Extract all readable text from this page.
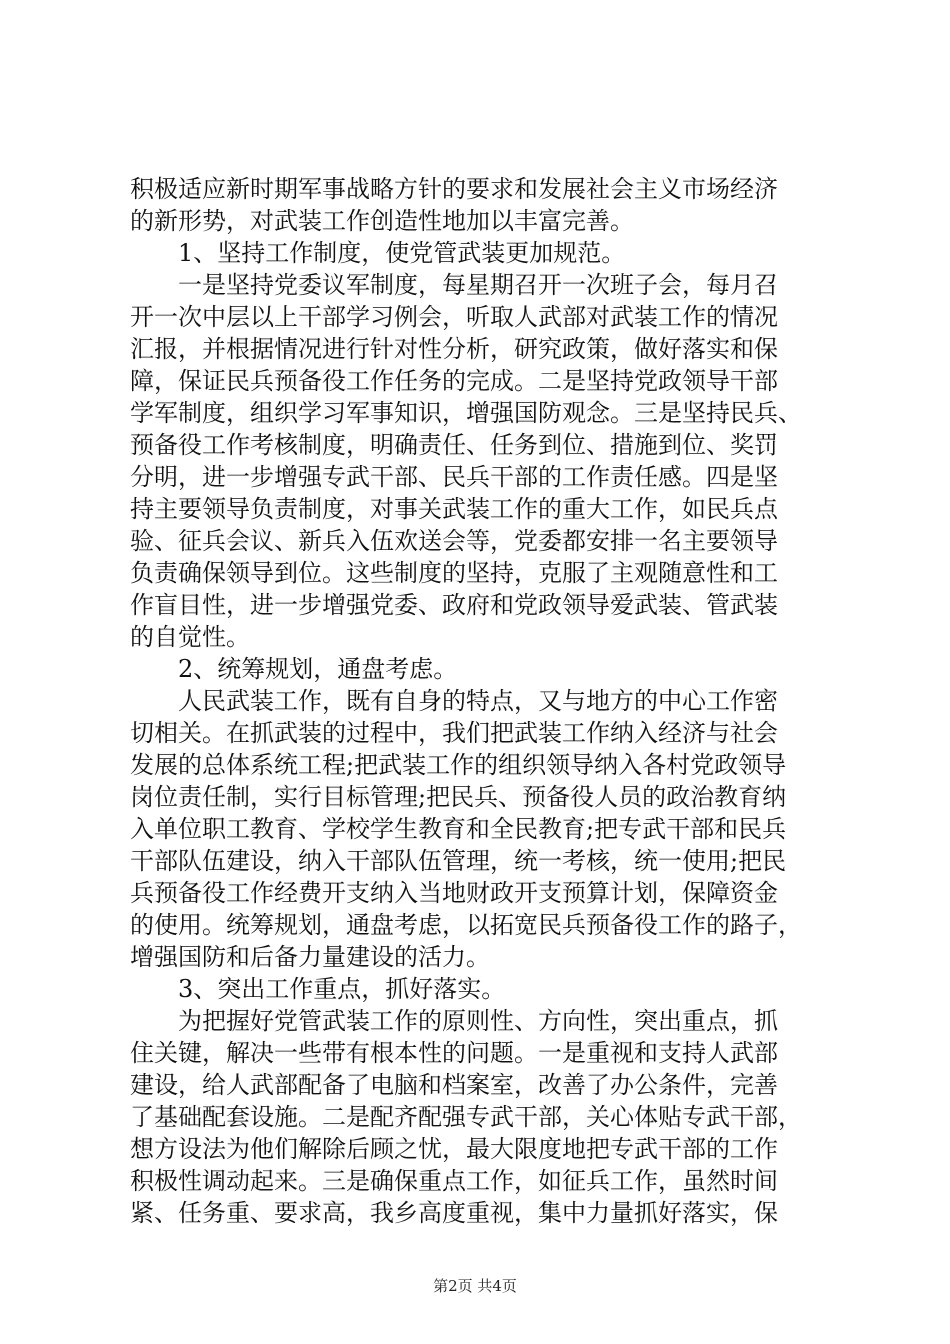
积极适应新时期军事战略方针的要求和发展社会主义市场经济
的新形势，对武装工作创造性地加以丰富完善。
　　1、坚持工作制度，使党管武装更加规范。
　　一是坚持党委议军制度，每星期召开一次班子会，每月召
开一次中层以上干部学习例会，听取人武部对武装工作的情况
汇报，并根据情况进行针对性分析，研究政策，做好落实和保
障，保证民兵预备役工作任务的完成。二是坚持党政领导干部
学军制度，组织学习军事知识，增强国防观念。三是坚持民兵、
预备役工作考核制度，明确责任、任务到位、措施到位、奖罚
分明，进一步增强专武干部、民兵干部的工作责任感。四是坚
持主要领导负责制度，对事关武装工作的重大工作，如民兵点
验、征兵会议、新兵入伍欢送会等，党委都安排一名主要领导
负责确保领导到位。这些制度的坚持，克服了主观随意性和工
作盲目性，进一步增强党委、政府和党政领导爱武装、管武装
的自觉性。
　　2、统筹规划，通盘考虑。
　　人民武装工作，既有自身的特点，又与地方的中心工作密
切相关。在抓武装的过程中，我们把武装工作纳入经济与社会
发展的总体系统工程;把武装工作的组织领导纳入各村党政领导
岗位责任制，实行目标管理;把民兵、预备役人员的政治教育纳
入单位职工教育、学校学生教育和全民教育;把专武干部和民兵
干部队伍建设，纳入干部队伍管理，统一考核，统一使用;把民
兵预备役工作经费开支纳入当地财政开支预算计划，保障资金
的使用。统筹规划，通盘考虑，以拓宽民兵预备役工作的路子，
增强国防和后备力量建设的活力。
　　3、突出工作重点，抓好落实。
　　为把握好党管武装工作的原则性、方向性，突出重点，抓
住关键，解决一些带有根本性的问题。一是重视和支持人武部
建设，给人武部配备了电脑和档案室，改善了办公条件，完善
了基础配套设施。二是配齐配强专武干部，关心体贴专武干部，
想方设法为他们解除后顾之忧，最大限度地把专武干部的工作
积极性调动起来。三是确保重点工作，如征兵工作，虽然时间
紧、任务重、要求高，我乡高度重视，集中力量抓好落实，保
第2页 共4页
